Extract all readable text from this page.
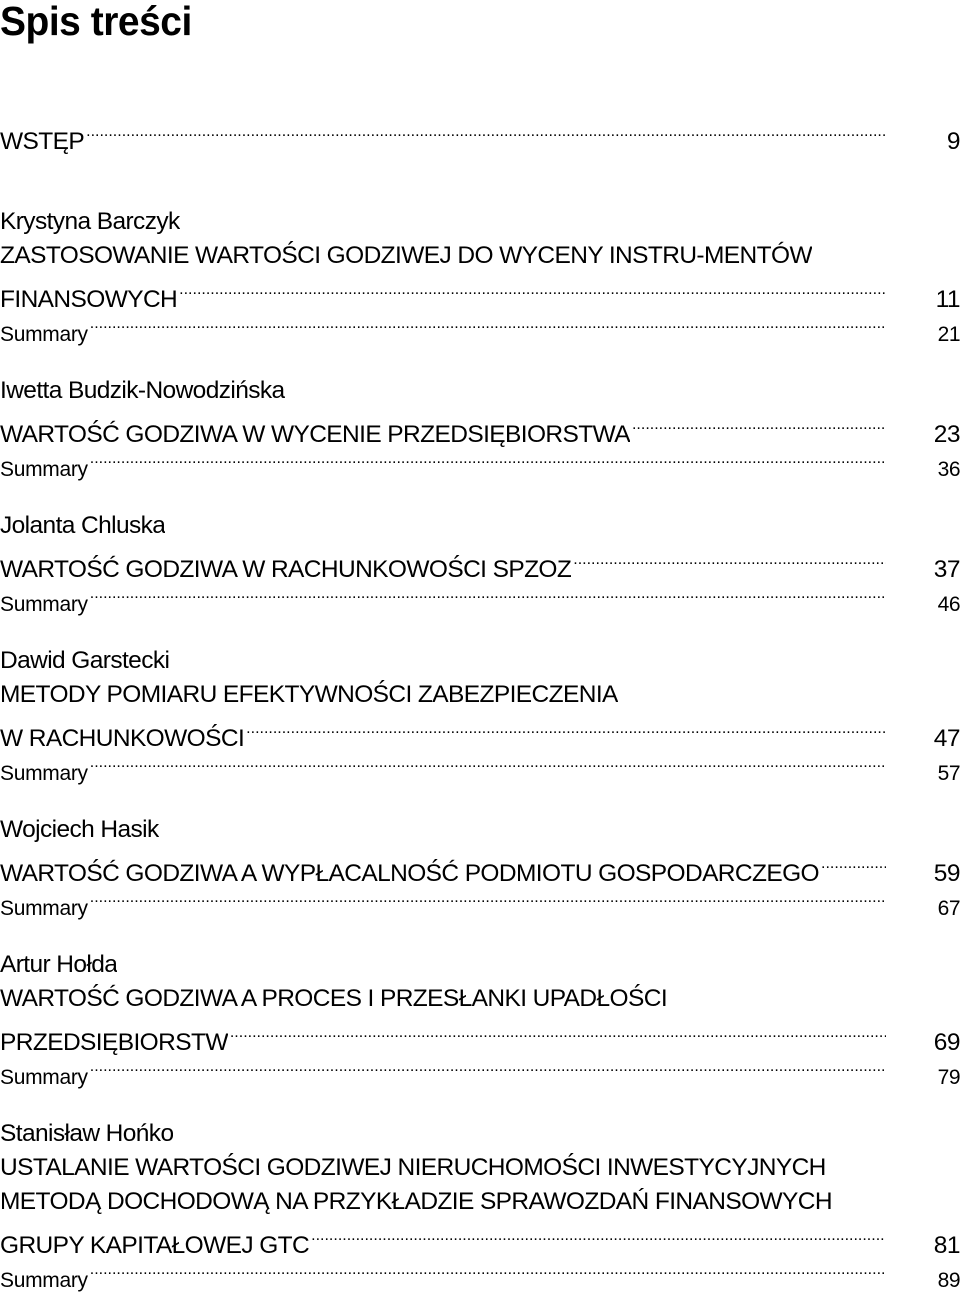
Spis treści
WSTĘP .....	9
Krystyna Barczyk
ZASTOSOWANIE WARTOŚCI GODZIWEJ DO WYCENY INSTRU-MENTÓW
FINANSOWYCH .....	11
Summary .....	21
Iwetta Budzik-Nowodzińska
WARTOŚĆ GODZIWA W WYCENIE PRZEDSIĘBIORSTWA .....	23
Summary .....	36
Jolanta Chluska
WARTOŚĆ GODZIWA W RACHUNKOWOŚCI SPZOZ .....	37
Summary .....	46
Dawid Garstecki
METODY POMIARU EFEKTYWNOŚCI ZABEZPIECZENIA
W RACHUNKOWOŚCI .....	47
Summary .....	57
Wojciech Hasik
WARTOŚĆ GODZIWA A WYPŁACALNOŚĆ PODMIOTU GOSPODARCZEGO .....	59
Summary .....	67
Artur Hołda
WARTOŚĆ GODZIWA A PROCES I PRZESŁANKI UPADŁOŚCI
PRZEDSIĘBIORSTW .....	69
Summary .....	79
Stanisław Hońko
USTALANIE WARTOŚCI GODZIWEJ NIERUCHOMOŚCI INWESTYCYJNYCH
METODĄ DOCHODOWĄ NA PRZYKŁADZIE SPRAWOZDAŃ FINANSOWYCH
GRUPY KAPITAŁOWEJ GTC .....	81
Summary .....	89
